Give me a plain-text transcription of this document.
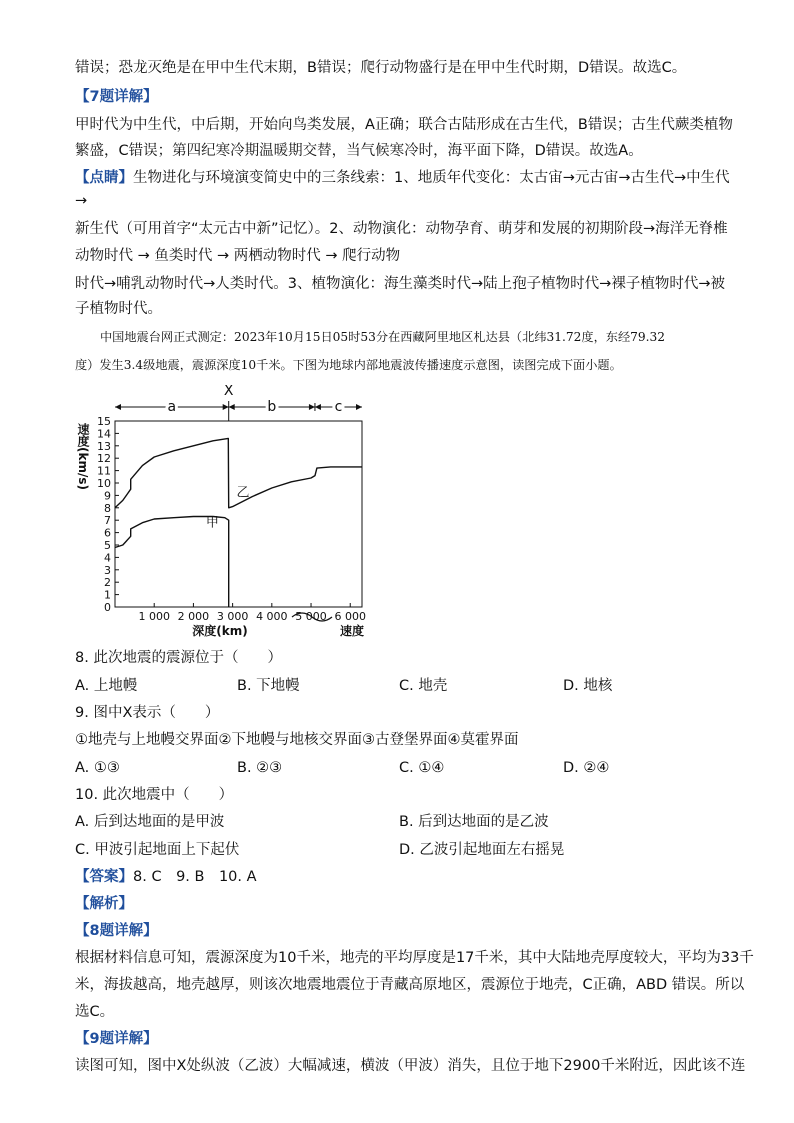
错误；恐龙灭绝是在甲中生代末期，B错误；爬行动物盛行是在甲中生代时期，D错误。故选C。
【7题详解】
甲时代为中生代，中后期，开始向鸟类发展，A正确；联合古陆形成在古生代，B错误；古生代蕨类植物
繁盛，C错误；第四纪寒冷期温暖期交替，当气候寒冷时，海平面下降，D错误。故选A。
【点睛】生物进化与环境演变简史中的三条线索：1、地质年代变化：太古宙→元古宙→古生代→中生代
→
新生代（可用首字“太元古中新”记忆）。2、动物演化：动物孕育、萌芽和发展的初期阶段→海洋无脊椎
动物时代 → 鱼类时代 → 两栖动物时代 → 爬行动物
时代→哺乳动物时代→人类时代。3、植物演化：海生藻类时代→陆上孢子植物时代→裸子植物时代→被
子植物时代。
中国地震台网正式测定：2023年10月15日05时53分在西藏阿里地区札达县（北纬31.72度，东经79.32
度）发生3.4级地震，震源深度10千米。下图为地球内部地震波传播速度示意图，读图完成下面小题。
0
1
2
3
4
5
6
7
8
9
10
11
12
13
14
15
1 000 2 000 3 000 4 000 5 000 6 000
速度(km/s)
深度(km)	速度
a
X
b	c
乙
甲
8. 此次地震的震源位于（　　）
A. 上地幔	B. 下地幔	C. 地壳	D. 地核
9. 图中X表示（　　）
①地壳与上地幔交界面②下地幔与地核交界面③古登堡界面④莫霍界面
A. ①③	B. ②③	C. ①④	D. ②④
10. 此次地震中（　　）
A. 后到达地面的是甲波	B. 后到达地面的是乙波
C. 甲波引起地面上下起伏	D. 乙波引起地面左右摇晃
【答案】8. C　9. B　10. A
【解析】
【8题详解】
根据材料信息可知，震源深度为10千米，地壳的平均厚度是17千米，其中大陆地壳厚度较大，平均为33千
米，海拔越高，地壳越厚，则该次地震地震位于青藏高原地区，震源位于地壳，C正确，ABD 错误。所以
选C。
【9题详解】
读图可知，图中X处纵波（乙波）大幅减速，横波（甲波）消失，且位于地下2900千米附近，因此该不连
